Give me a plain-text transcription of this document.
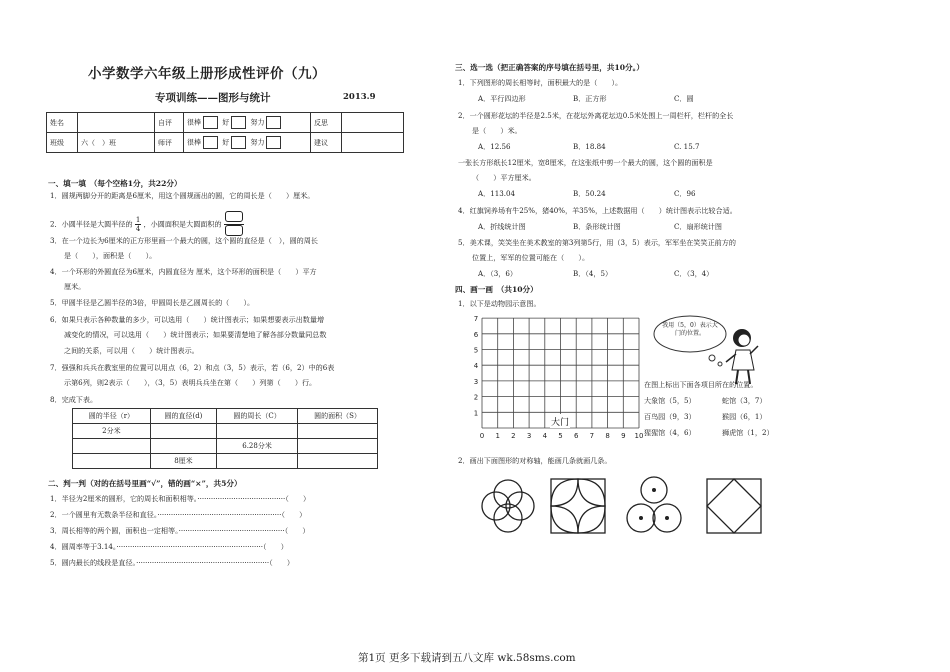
小学数学六年级上册形成性评价（九）
专项训练——图形与统计	2013.9
姓名		自评	很棒 好 努力	反思	
班级	六（　）班	师评	很棒 好 努力	建议	
一、填一填　（每个空格1分，共22分）
1．圆规两脚分开的距离是6厘米，用这个圆规画出的圆，它的周长是（　　）厘米。
2．小圆半径是大圆半径的 $\frac{1}{4}$ ，小圆面积是大圆面积的
3．在一个边长为6厘米的正方形里画一个最大的圆，这个圆的直径是（　），圆的周长
是（　　），面积是（　　）。
4．一个环形的外圆直径为6厘米，内圆直径为 厘米，这个环形的面积是（　　）平方
厘米。
5．甲圆半径是乙圆半径的3倍，甲圆周长是乙圆周长的（　　）。
6．如果只表示各种数量的多少，可以选用（　　）统计图表示；如果想要表示出数量增
减变化的情况，可以选用（　　）统计图表示；如果要清楚地了解各部分数量同总数
之间的关系，可以用（　　）统计图表示。
7．强强和兵兵在教室里的位置可以用点（6，2）和点（3，5）表示，若（6，2）中的6表
示第6列，则2表示（　　），（3，5）表明兵兵坐在第（　　）列第（　　）行。
8．完成下表。
圆的半径（r）	圆的直径(d)	圆的周长（C）	圆的面积（S）
2分米			
		6.28分米	
	8厘米		
二、判一判（对的在括号里画“√”，错的画“×”，共5分）
1．半径为2厘米的圆形，它的周长和面积相等。·······································（　　）
2．一个圆里有无数条半径和直径。·······················································（　　）
3．周长相等的两个圆，面积也一定相等。···············································（　　）
4．圆周率等于3.14。·································································（　　）
5．圆内最长的线段是直径。···························································（　　）
三、选一选（把正确答案的序号填在括号里，共10分。）
1．下列图形的周长相等时，面积最大的是（　　）。
A．平行四边形	B．正方形	C．圆
2．一个圆形花坛的半径是2.5米，在花坛外离花坛边0.5米处围上一周栏杆，栏杆的全长
是（　　）米。
A．12.56	B．18.84	C. 15.7
一张长方形纸长12厘米，宽8厘米，在这张纸中剪一个最大的圆，这个圆的面积是
（　　）平方厘米。
A．113.04	B．50.24	C．96
4．红旗饲养场有牛25%，猪40%，羊35%，上述数据用（　　）统计图表示比较合适。
A．折线统计图	B．条形统计图	C．扇形统计图
5．美术课，笑笑坐在美术教室的第3列第5行，用（3，5）表示，军军坐在笑笑正前方的
位置上，军军的位置可能在（　　）。
A．（3，6）	B．（4，5）	C．（3，4）
四、画一画　（共10分）
1．以下是动物园示意图。
0 1 2 3 4 5 6 7 8 9 10
1
2
3
4
5
6
7
大门
我用（5，0）表示大门的位置。
在图上标出下面各项目所在的位置。
大象馆（5，5）	蛇馆（3，7）
百鸟园（9，3）	猴园（6，1）
猩猩馆（4，6）	狮虎馆（1，2）
2．画出下面图形的对称轴，能画几条就画几条。
第1页 更多下载请到五八文库 wk.58sms.com
